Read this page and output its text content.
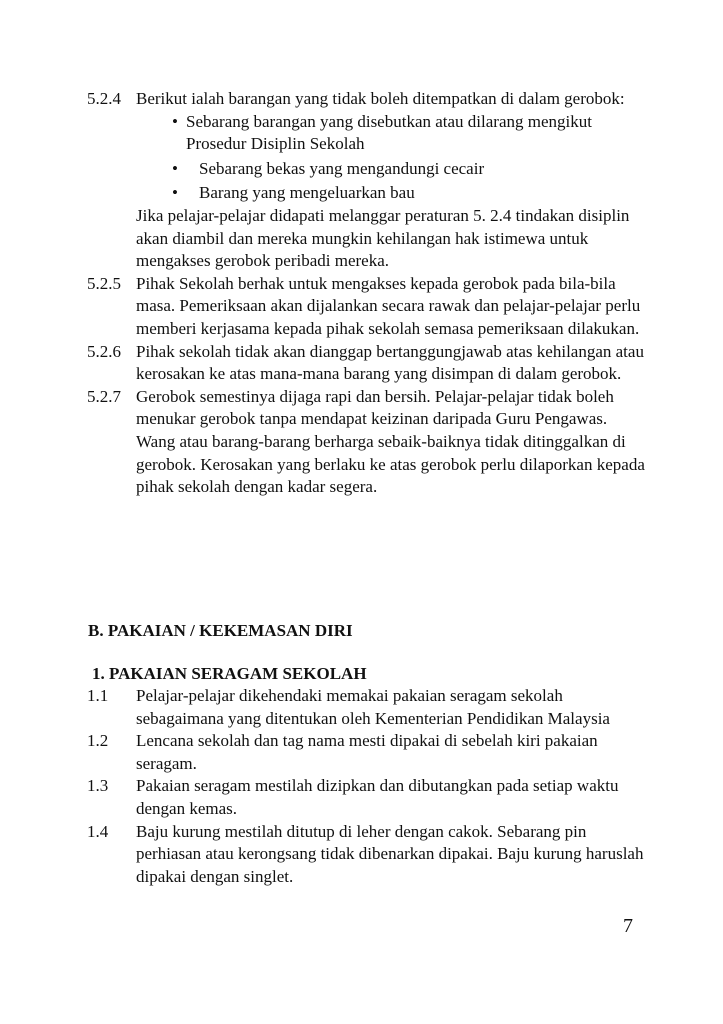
5.2.4 Berikut ialah barangan yang tidak boleh ditempatkan di dalam gerobok:
• Sebarang barangan yang disebutkan atau dilarang mengikut Prosedur Disiplin Sekolah
• Sebarang bekas yang mengandungi cecair
• Barang yang mengeluarkan bau
Jika pelajar-pelajar didapati melanggar peraturan 5. 2.4 tindakan disiplin akan diambil dan mereka mungkin kehilangan hak istimewa untuk mengakses gerobok peribadi mereka.
5.2.5 Pihak Sekolah berhak untuk mengakses kepada gerobok pada bila-bila masa. Pemeriksaan akan dijalankan secara rawak dan pelajar-pelajar perlu memberi kerjasama kepada pihak sekolah semasa pemeriksaan dilakukan.
5.2.6 Pihak sekolah tidak akan dianggap bertanggungjawab atas kehilangan atau kerosakan ke atas mana-mana barang yang disimpan di dalam gerobok.
5.2.7 Gerobok semestinya dijaga rapi dan bersih. Pelajar-pelajar tidak boleh menukar gerobok tanpa mendapat keizinan daripada Guru Pengawas. Wang atau barang-barang berharga sebaik-baiknya tidak ditinggalkan di gerobok. Kerosakan yang berlaku ke atas gerobok perlu dilaporkan kepada pihak sekolah dengan kadar segera.
B. PAKAIAN / KEKEMASAN DIRI
1. PAKAIAN SERAGAM SEKOLAH
1.1 Pelajar-pelajar dikehendaki memakai pakaian seragam sekolah sebagaimana yang ditentukan oleh Kementerian Pendidikan Malaysia
1.2 Lencana sekolah dan tag nama mesti dipakai di sebelah kiri pakaian seragam.
1.3 Pakaian seragam mestilah dizipkan dan dibutangkan pada setiap waktu dengan kemas.
1.4 Baju kurung mestilah ditutup di leher dengan cakok. Sebarang pin perhiasan atau kerongsang tidak dibenarkan dipakai. Baju kurung haruslah dipakai dengan singlet.
7
